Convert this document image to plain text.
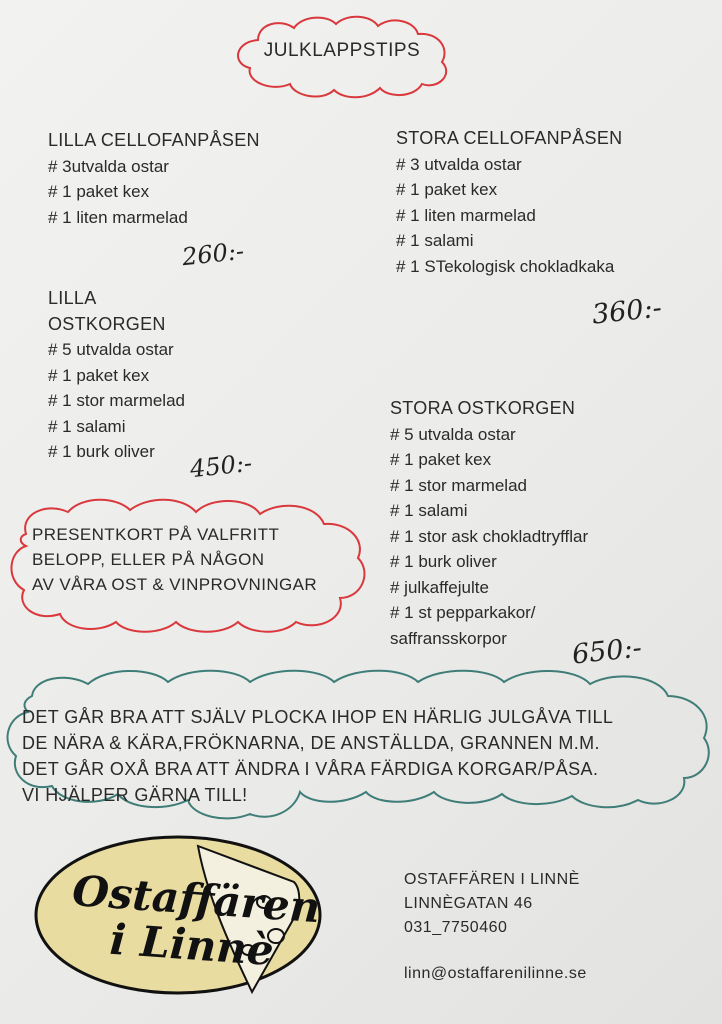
JULKLAPPSTIPS
LILLA CELLOFANPÅSEN
# 3utvalda ostar
# 1 paket kex
# 1 liten marmelad
260:-
STORA CELLOFANPÅSEN
# 3 utvalda ostar
# 1 paket kex
# 1 liten marmelad
# 1 salami
# 1 STekologisk chokladkaka
360:-
LILLA
OSTKORGEN
# 5 utvalda ostar
# 1 paket kex
# 1 stor marmelad
# 1 salami
# 1 burk oliver	450:-
STORA OSTKORGEN
# 5 utvalda ostar
# 1 paket kex
# 1 stor marmelad
# 1 salami
# 1 stor ask chokladtryfflar
# 1 burk oliver
# julkaffejulte
# 1 st pepparkakor/
saffransskorpor	650:-
PRESENTKORT PÅ VALFRITT
BELOPP, ELLER PÅ NÅGON
AV VÅRA OST & VINPROVNINGAR
DET GÅR BRA ATT SJÄLV PLOCKA IHOP EN HÄRLIG JULGÅVA TILL
DE NÄRA & KÄRA,FRÖKNARNA, DE ANSTÄLLDA, GRANNEN M.M.
DET GÅR OXÅ BRA ATT ÄNDRA I VÅRA FÄRDIGA KORGAR/PÅSA.
VI HJÄLPER GÄRNA TILL!
Ostaffären
i Linnè
OSTAFFÄREN I LINNÈ
LINNÈGATAN 46
031_7750460
linn@ostaffarenilinne.se
